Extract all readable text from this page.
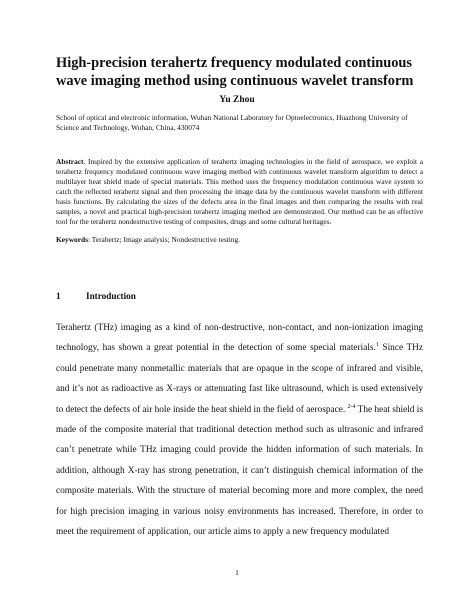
High-precision terahertz frequency modulated continuous wave imaging method using continuous wavelet transform
Yu Zhou
School of optical and electronic information, Wuhan National Laboratory for Optoelectronics, Huazhong University of Science and Technology, Wuhan, China, 430074
Abstract. Inspired by the extensive application of terahertz imaging technologies in the field of aerospace, we exploit a terahertz frequency modulated continuous wave imaging method with continuous wavelet transform algorithm to detect a multilayer heat shield made of special materials. This method uses the frequency modulation continuous wave system to catch the reflected terahertz signal and then processing the image data by the continuous wavelet transform with different basis functions. By calculating the sizes of the defects area in the final images and then comparing the results with real samples, a novel and practical high-precision terahertz imaging method are demonstrated. Our method can be an effective tool for the terahertz nondestructive testing of composites, drugs and some cultural heritages.
Keywords: Terahertz; Image analysis; Nondestructive testing.
1	Introduction
Terahertz (THz) imaging as a kind of non-destructive, non-contact, and non-ionization imaging technology, has shown a great potential in the detection of some special materials.$^1$ Since THz could penetrate many nonmetallic materials that are opaque in the scope of infrared and visible, and it’s not as radioactive as X-rays or attenuating fast like ultrasound, which is used extensively to detect the defects of air hole inside the heat shield in the field of aerospace. $^{2-4}$ The heat shield is made of the composite material that traditional detection method such as ultrasonic and infrared can’t penetrate while THz imaging could provide the hidden information of such materials. In addition, although X-ray has strong penetration, it can’t distinguish chemical information of the composite materials. With the structure of material becoming more and more complex, the need for high precision imaging in various noisy environments has increased. Therefore, in order to meet the requirement of application, our article aims to apply a new frequency modulated
1
